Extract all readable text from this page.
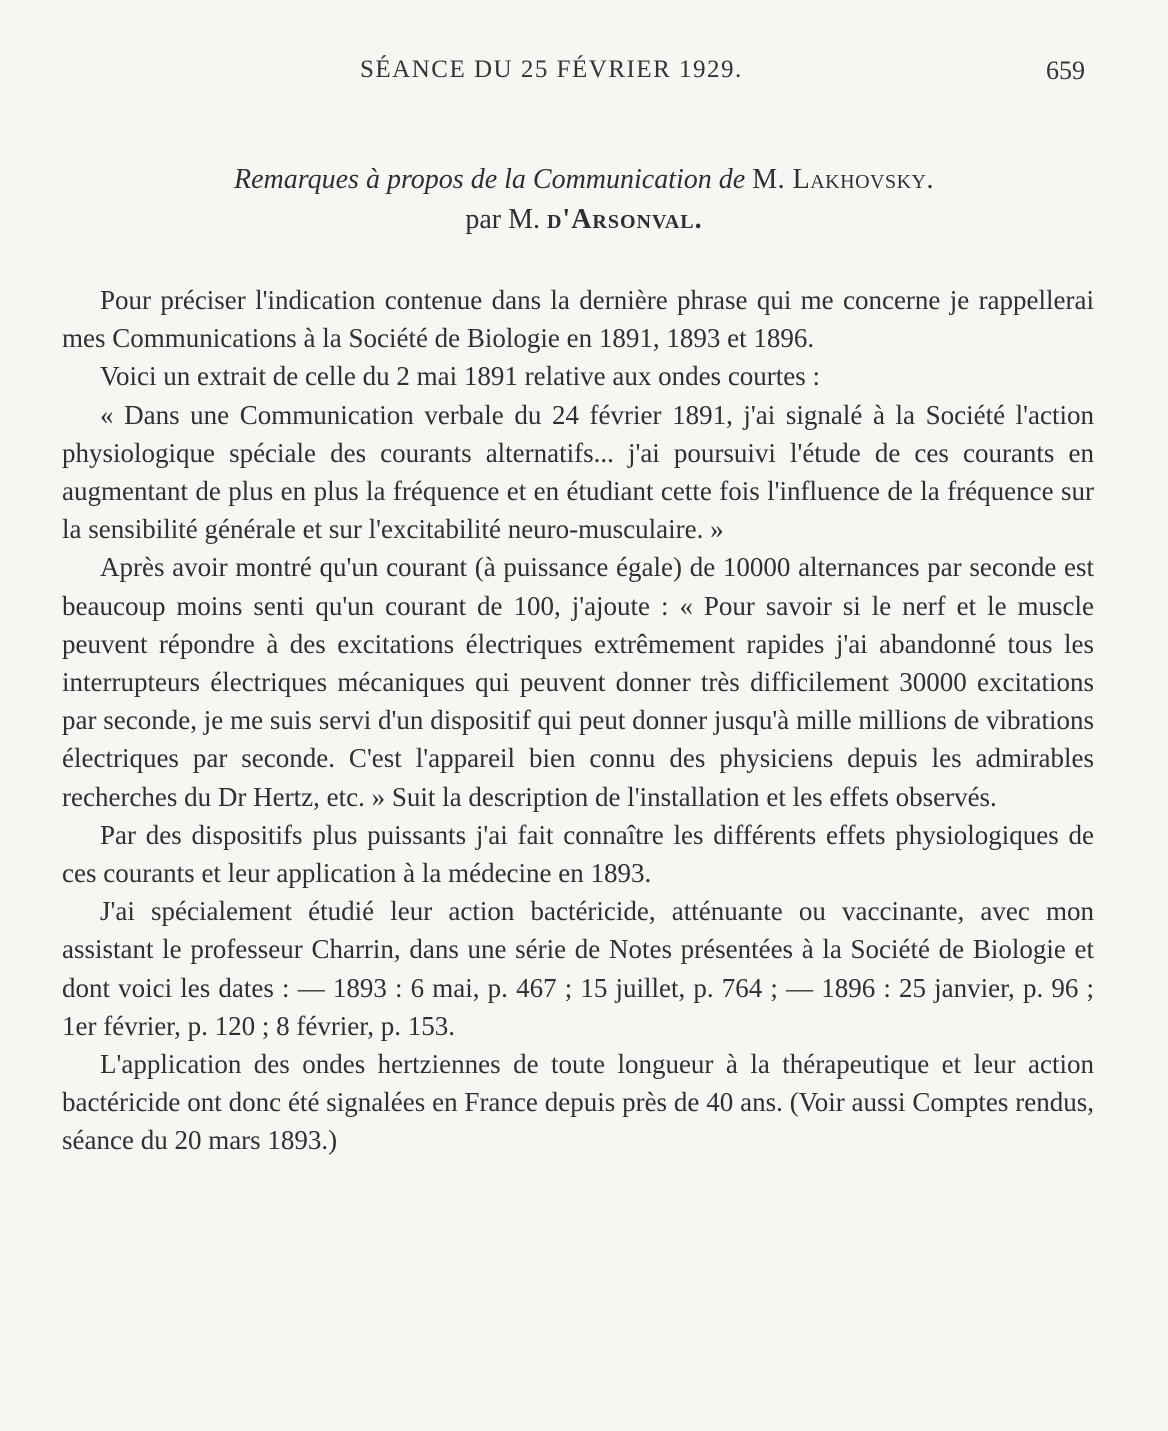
SÉANCE DU 25 FÉVRIER 1929.	659
Remarques à propos de la Communication de M. Lakhovsky.
par M. d'Arsonval.

Pour préciser l'indication contenue dans la dernière phrase qui me concerne je rappellerai mes Communications à la Société de Biologie en 1891, 1893 et 1896.

Voici un extrait de celle du 2 mai 1891 relative aux ondes courtes :

« Dans une Communication verbale du 24 février 1891, j'ai signalé à la Société l'action physiologique spéciale des courants alternatifs... j'ai poursuivi l'étude de ces courants en augmentant de plus en plus la fréquence et en étudiant cette fois l'influence de la fréquence sur la sensibilité générale et sur l'excitabilité neuro-musculaire. »

Après avoir montré qu'un courant (à puissance égale) de 10000 alternances par seconde est beaucoup moins senti qu'un courant de 100, j'ajoute : « Pour savoir si le nerf et le muscle peuvent répondre à des excitations électriques extrêmement rapides j'ai abandonné tous les interrupteurs électriques mécaniques qui peuvent donner très difficilement 30000 excitations par seconde, je me suis servi d'un dispositif qui peut donner jusqu'à mille millions de vibrations électriques par seconde. C'est l'appareil bien connu des physiciens depuis les admirables recherches du Dr Hertz, etc. » Suit la description de l'installation et les effets observés.

Par des dispositifs plus puissants j'ai fait connaître les différents effets physiologiques de ces courants et leur application à la médecine en 1893.

J'ai spécialement étudié leur action bactéricide, atténuante ou vaccinante, avec mon assistant le professeur Charrin, dans une série de Notes présentées à la Société de Biologie et dont voici les dates : — 1893 : 6 mai, p. 467 ; 15 juillet, p. 764 ; — 1896 : 25 janvier, p. 96 ; 1er février, p. 120 ; 8 février, p. 153.

L'application des ondes hertziennes de toute longueur à la thérapeutique et leur action bactéricide ont donc été signalées en France depuis près de 40 ans. (Voir aussi Comptes rendus, séance du 20 mars 1893.)
